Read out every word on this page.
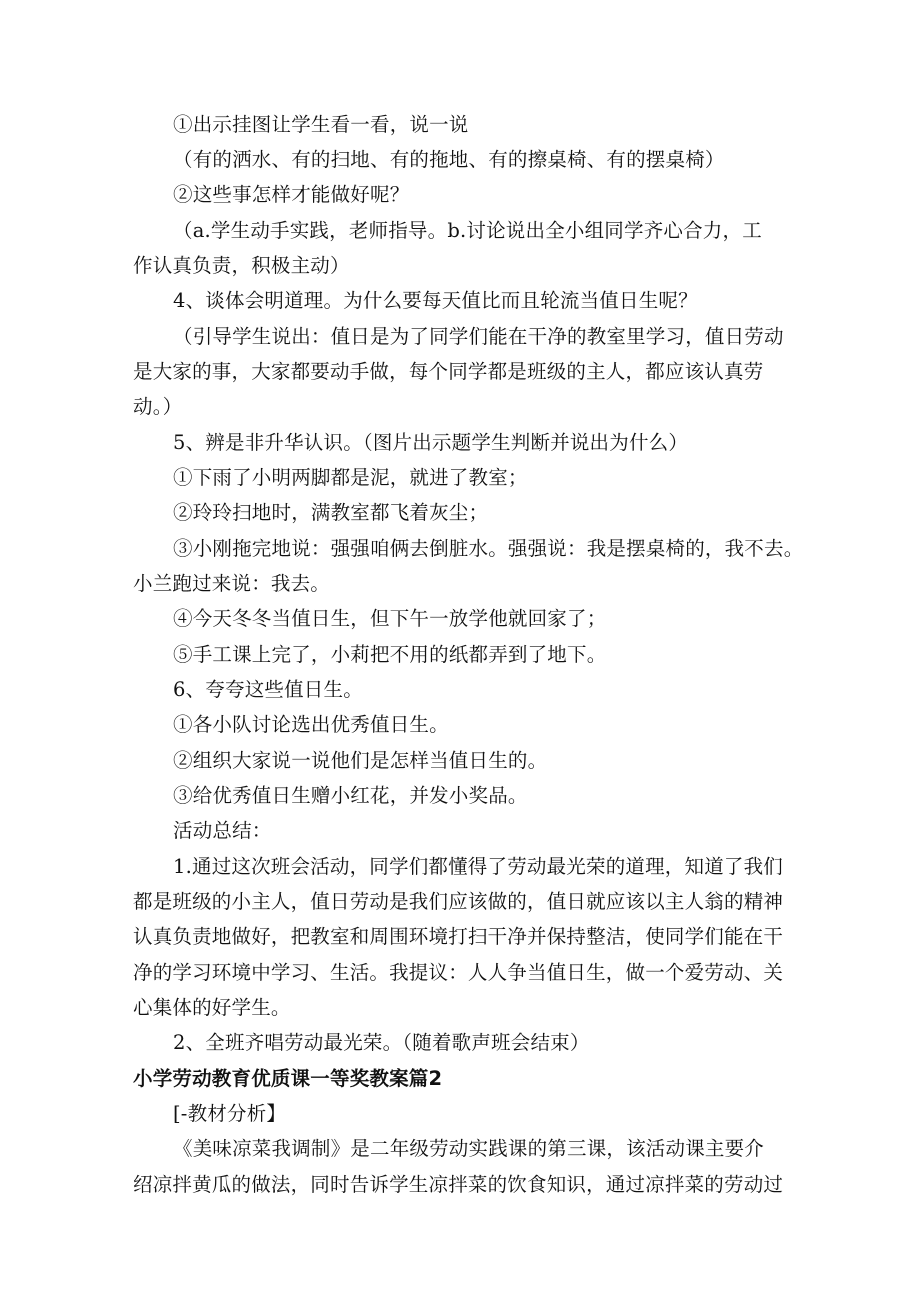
①出示挂图让学生看一看，说一说
（有的洒水、有的扫地、有的拖地、有的擦桌椅、有的摆桌椅）
②这些事怎样才能做好呢？
（a.学生动手实践，老师指导。b.讨论说出全小组同学齐心合力，工
作认真负责，积极主动）
4、谈体会明道理。为什么要每天值比而且轮流当值日生呢？
（引导学生说出：值日是为了同学们能在干净的教室里学习，值日劳动
是大家的事，大家都要动手做，每个同学都是班级的主人，都应该认真劳
动。）
5、辨是非升华认识。（图片出示题学生判断并说出为什么）
①下雨了小明两脚都是泥，就进了教室；
②玲玲扫地时，满教室都飞着灰尘；
③小刚拖完地说：强强咱俩去倒脏水。强强说：我是摆桌椅的，我不去。
小兰跑过来说：我去。
④今天冬冬当值日生，但下午一放学他就回家了；
⑤手工课上完了，小莉把不用的纸都弄到了地下。
6、夸夸这些值日生。
①各小队讨论选出优秀值日生。
②组织大家说一说他们是怎样当值日生的。
③给优秀值日生赠小红花，并发小奖品。
活动总结：
1.通过这次班会活动，同学们都懂得了劳动最光荣的道理，知道了我们
都是班级的小主人，值日劳动是我们应该做的，值日就应该以主人翁的精神
认真负责地做好，把教室和周围环境打扫干净并保持整洁，使同学们能在干
净的学习环境中学习、生活。我提议：人人争当值日生，做一个爱劳动、关
心集体的好学生。
2、全班齐唱劳动最光荣。（随着歌声班会结束）
小学劳动教育优质课一等奖教案篇2
[-教材分析】
《美味凉菜我调制》是二年级劳动实践课的第三课，该活动课主要介
绍凉拌黄瓜的做法，同时告诉学生凉拌菜的饮食知识，通过凉拌菜的劳动过
